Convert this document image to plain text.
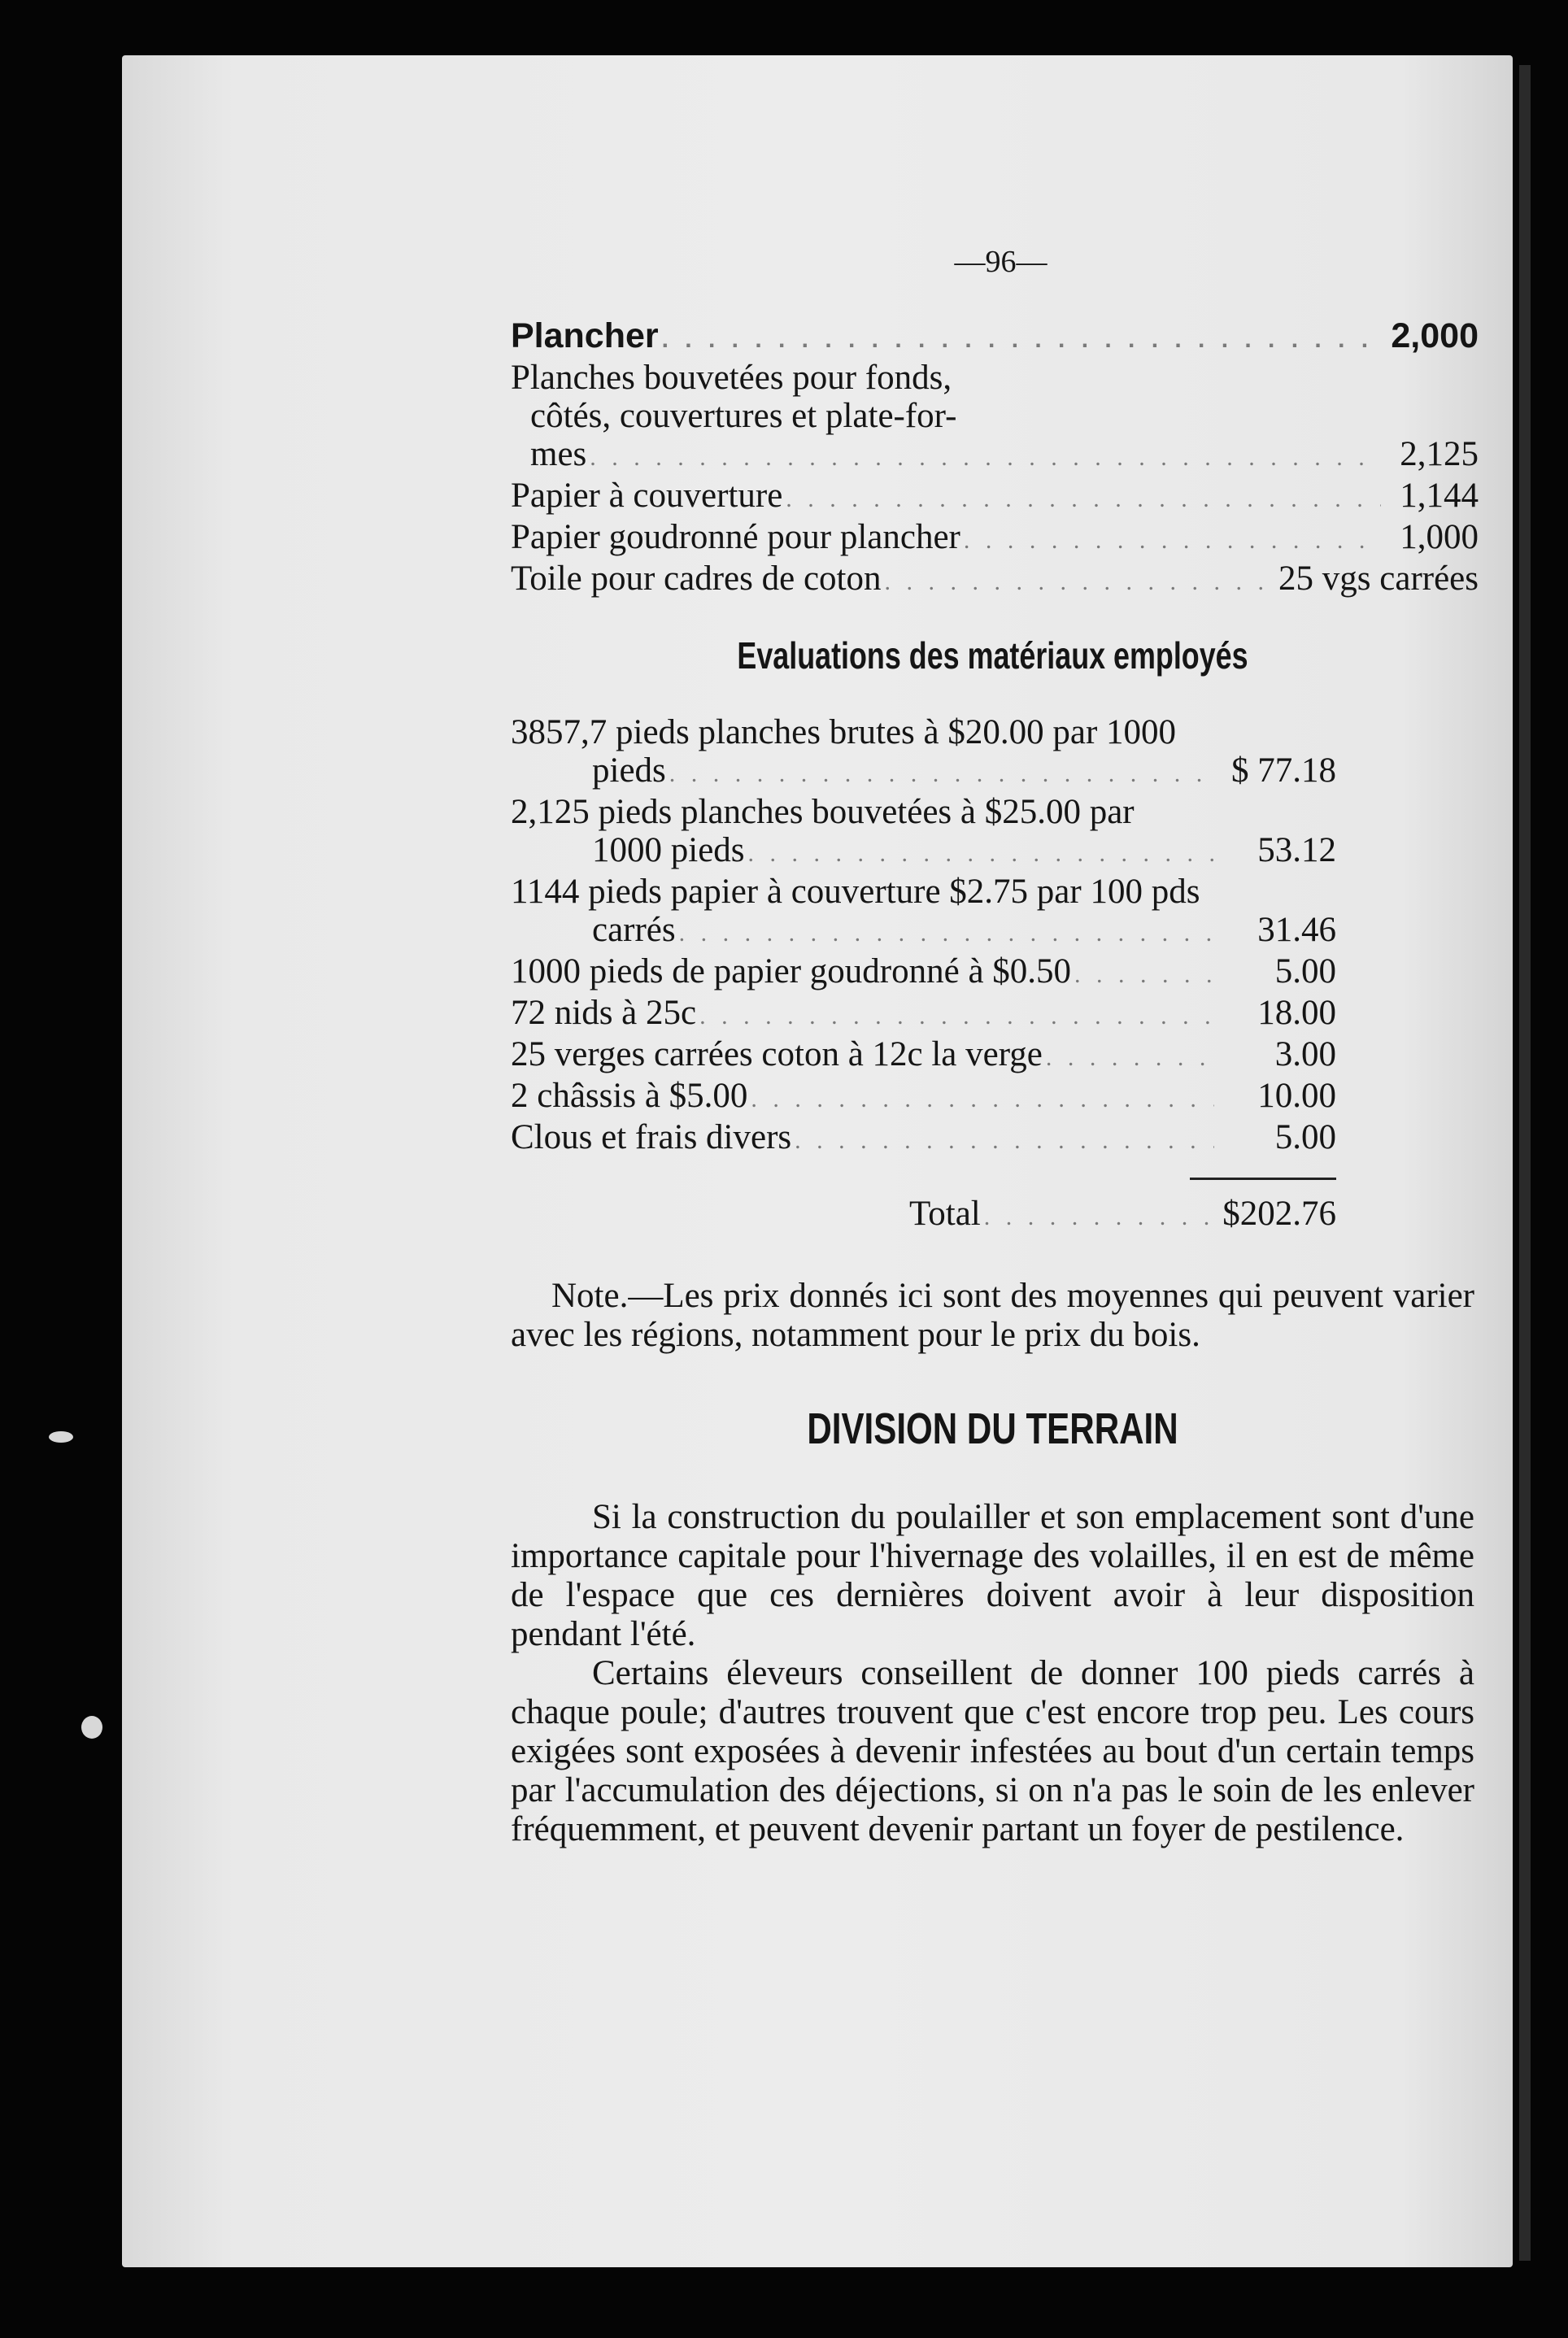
—96—
Plancher . . .	2,000
Planches bouvetées pour fonds,
côtés, couvertures et plate-for-
mes . . .	2,125
Papier à couverture . . .	1,144
Papier goudronné pour plancher . . .	1,000
Toile pour cadres de coton . . .	25 vgs carrées
Evaluations des matériaux employés
3857,7 pieds planches brutes à $20.00 par 1000
pieds . . .	$ 77.18
2,125 pieds planches bouvetées à $25.00 par
1000 pieds . . .	53.12
1144 pieds papier à couverture $2.75 par 100 pds
carrés . . .	31.46
1000 pieds de papier goudronné à $0.50 . . .	5.00
72 nids à 25c . . .	18.00
25 verges carrées coton à 12c la verge . . .	3.00
2 châssis à $5.00 . . .	10.00
Clous et frais divers . . .	5.00
Total . . .	$202.76
Note.—Les prix donnés ici sont des moyennes qui peuvent varier avec les régions, notamment pour le prix du bois.
DIVISION DU TERRAIN

Si la construction du poulailler et son emplacement sont d'une importance capitale pour l'hivernage des volailles, il en est de même de l'espace que ces dernières doivent avoir à leur disposition pendant l'été.

Certains éleveurs conseillent de donner 100 pieds carrés à chaque poule; d'autres trouvent que c'est encore trop peu. Les cours exigées sont exposées à devenir infestées au bout d'un certain temps par l'accumulation des déjections, si on n'a pas le soin de les enlever fréquemment, et peuvent devenir partant un foyer de pestilence.
